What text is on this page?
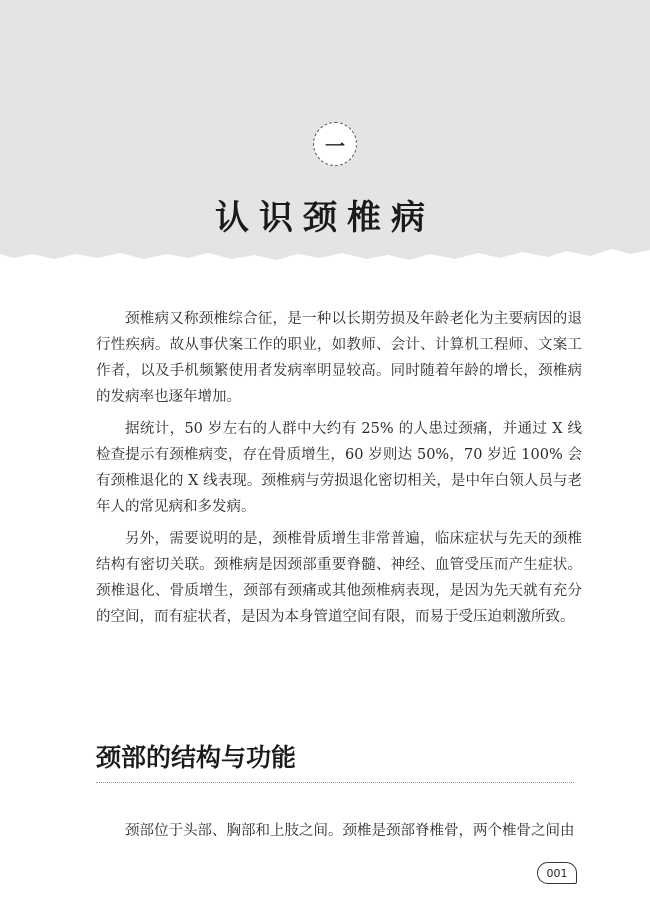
一
认识颈椎病

颈椎病又称颈椎综合征，是一种以长期劳损及年龄老化为主要病因的退行性疾病。故从事伏案工作的职业，如教师、会计、计算机工程师、文案工作者，以及手机频繁使用者发病率明显较高。同时随着年龄的增长，颈椎病的发病率也逐年增加。

据统计，50 岁左右的人群中大约有 25% 的人患过颈痛，并通过 X 线检查提示有颈椎病变，存在骨质增生，60 岁则达 50%，70 岁近 100% 会有颈椎退化的 X 线表现。颈椎病与劳损退化密切相关，是中年白领人员与老年人的常见病和多发病。

另外，需要说明的是，颈椎骨质增生非常普遍，临床症状与先天的颈椎结构有密切关联。颈椎病是因颈部重要脊髓、神经、血管受压而产生症状。颈椎退化、骨质增生，颈部有颈痛或其他颈椎病表现，是因为先天就有充分的空间，而有症状者，是因为本身管道空间有限，而易于受压迫刺激所致。

颈部的结构与功能

颈部位于头部、胸部和上肢之间。颈椎是颈部脊椎骨，两个椎骨之间由

001
